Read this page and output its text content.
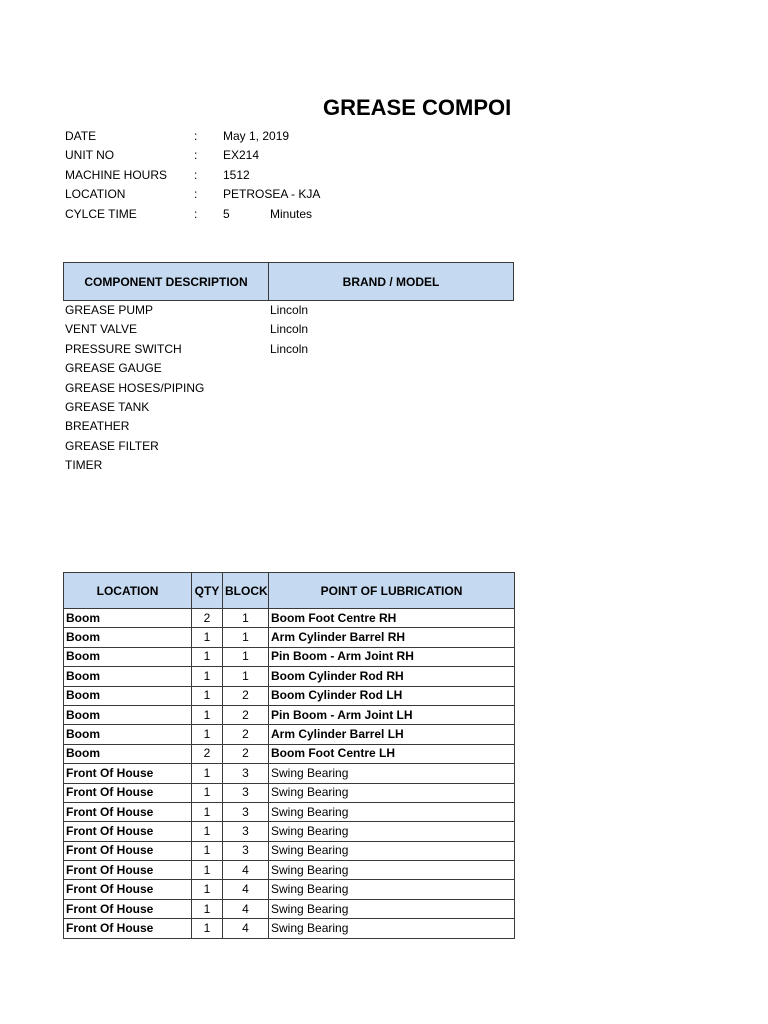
GREASE COMPOI
DATE	: May 1, 2019
UNIT NO	: EX214
MACHINE HOURS : 1512
LOCATION	: PETROSEA - KJA
CYLCE TIME	: 5	Minutes
COMPONENT DESCRIPTION	BRAND / MODEL
GREASE PUMP	Lincoln
VENT VALVE	Lincoln
PRESSURE SWITCH	Lincoln
GREASE GAUGE
GREASE HOSES/PIPING
GREASE TANK
BREATHER
GREASE FILTER
TIMER
LOCATION	QTY	BLOCK	POINT OF LUBRICATION
Boom	2	1	Boom Foot Centre RH
Boom	1	1	Arm Cylinder Barrel RH
Boom	1	1	Pin Boom - Arm Joint RH
Boom	1	1	Boom Cylinder Rod RH
Boom	1	2	Boom Cylinder Rod LH
Boom	1	2	Pin Boom - Arm Joint LH
Boom	1	2	Arm Cylinder Barrel LH
Boom	2	2	Boom Foot Centre LH
Front Of House	1	3	Swing Bearing
Front Of House	1	3	Swing Bearing
Front Of House	1	3	Swing Bearing
Front Of House	1	3	Swing Bearing
Front Of House	1	3	Swing Bearing
Front Of House	1	4	Swing Bearing
Front Of House	1	4	Swing Bearing
Front Of House	1	4	Swing Bearing
Front Of House	1	4	Swing Bearing
